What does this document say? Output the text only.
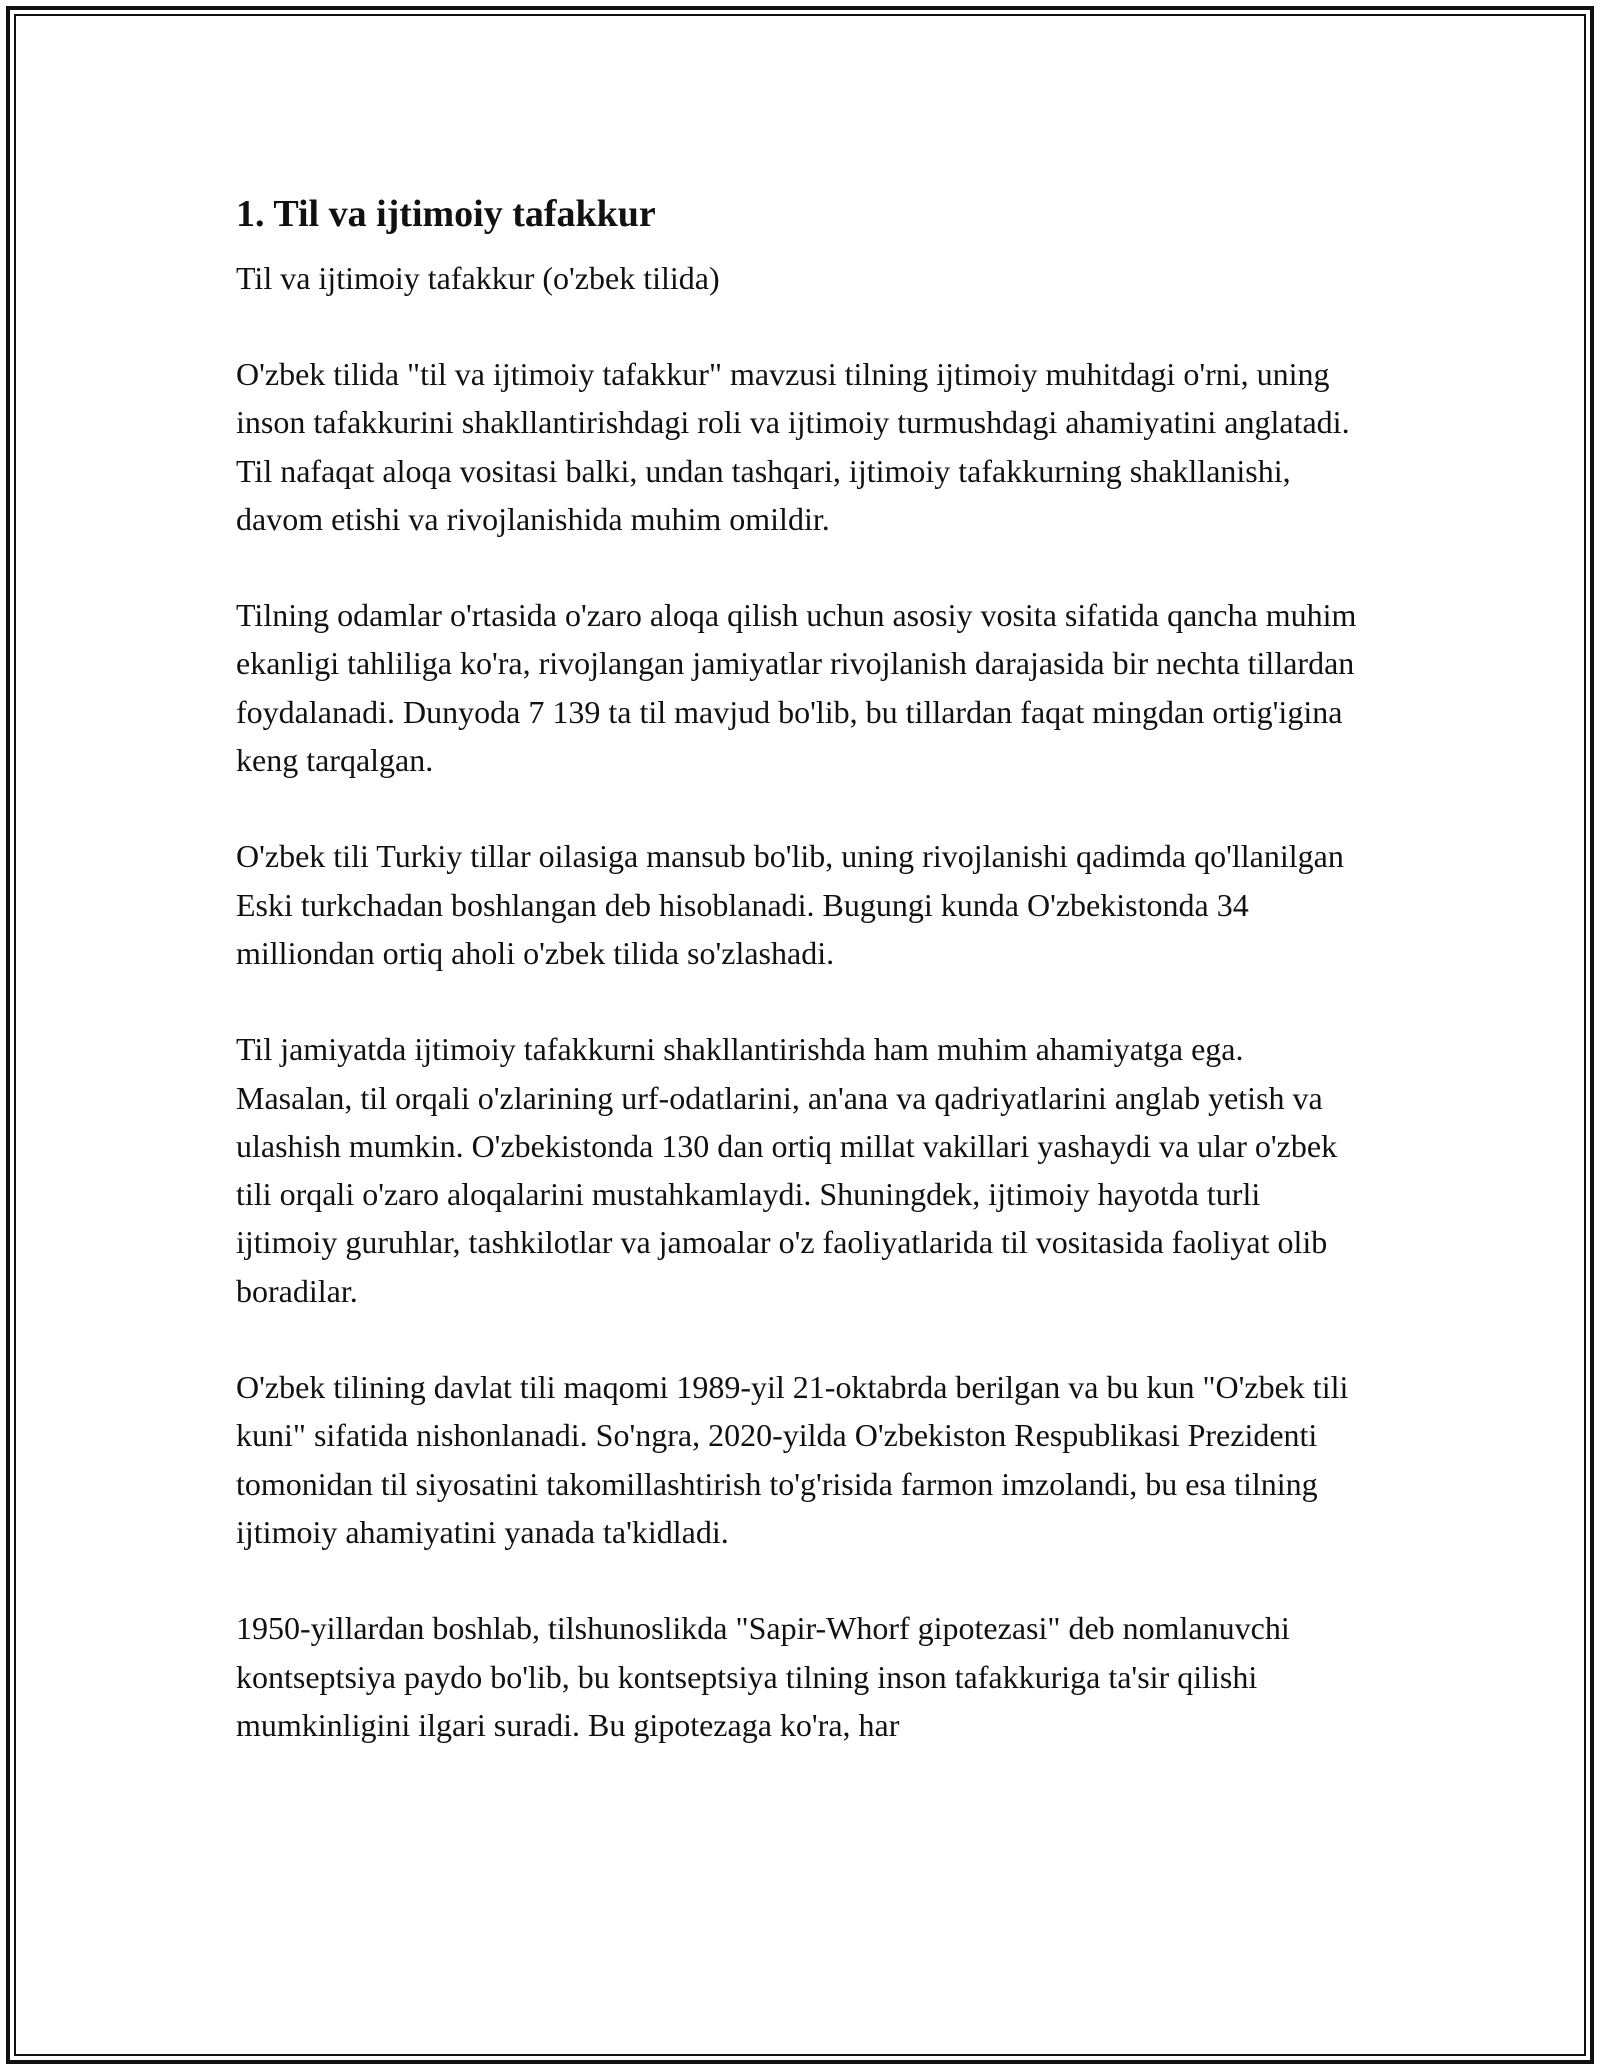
1. Til va ijtimoiy tafakkur

Til va ijtimoiy tafakkur (o'zbek tilida)

O'zbek tilida "til va ijtimoiy tafakkur" mavzusi tilning ijtimoiy muhitdagi o'rni, uning inson tafakkurini shakllantirishdagi roli va ijtimoiy turmushdagi ahamiyatini anglatadi. Til nafaqat aloqa vositasi balki, undan tashqari, ijtimoiy tafakkurning shakllanishi, davom etishi va rivojlanishida muhim omildir.

Tilning odamlar o'rtasida o'zaro aloqa qilish uchun asosiy vosita sifatida qancha muhim ekanligi tahliliga ko'ra, rivojlangan jamiyatlar rivojlanish darajasida bir nechta tillardan foydalanadi. Dunyoda 7 139 ta til mavjud bo'lib, bu tillardan faqat mingdan ortig'igina keng tarqalgan.

O'zbek tili Turkiy tillar oilasiga mansub bo'lib, uning rivojlanishi qadimda qo'llanilgan Eski turkchadan boshlangan deb hisoblanadi. Bugungi kunda O'zbekistonda 34 milliondan ortiq aholi o'zbek tilida so'zlashadi.

Til jamiyatda ijtimoiy tafakkurni shakllantirishda ham muhim ahamiyatga ega. Masalan, til orqali o'zlarining urf-odatlarini, an'ana va qadriyatlarini anglab yetish va ulashish mumkin. O'zbekistonda 130 dan ortiq millat vakillari yashaydi va ular o'zbek tili orqali o'zaro aloqalarini mustahkamlaydi. Shuningdek, ijtimoiy hayotda turli ijtimoiy guruhlar, tashkilotlar va jamoalar o'z faoliyatlarida til vositasida faoliyat olib boradilar.

O'zbek tilining davlat tili maqomi 1989-yil 21-oktabrda berilgan va bu kun "O'zbek tili kuni" sifatida nishonlanadi. So'ngra, 2020-yilda O'zbekiston Respublikasi Prezidenti tomonidan til siyosatini takomillashtirish to'g'risida farmon imzolandi, bu esa tilning ijtimoiy ahamiyatini yanada ta'kidladi.

1950-yillardan boshlab, tilshunoslikda "Sapir-Whorf gipotezasi" deb nomlanuvchi kontseptsiya paydo bo'lib, bu kontseptsiya tilning inson tafakkuriga ta'sir qilishi mumkinligini ilgari suradi. Bu gipotezaga ko'ra, har
